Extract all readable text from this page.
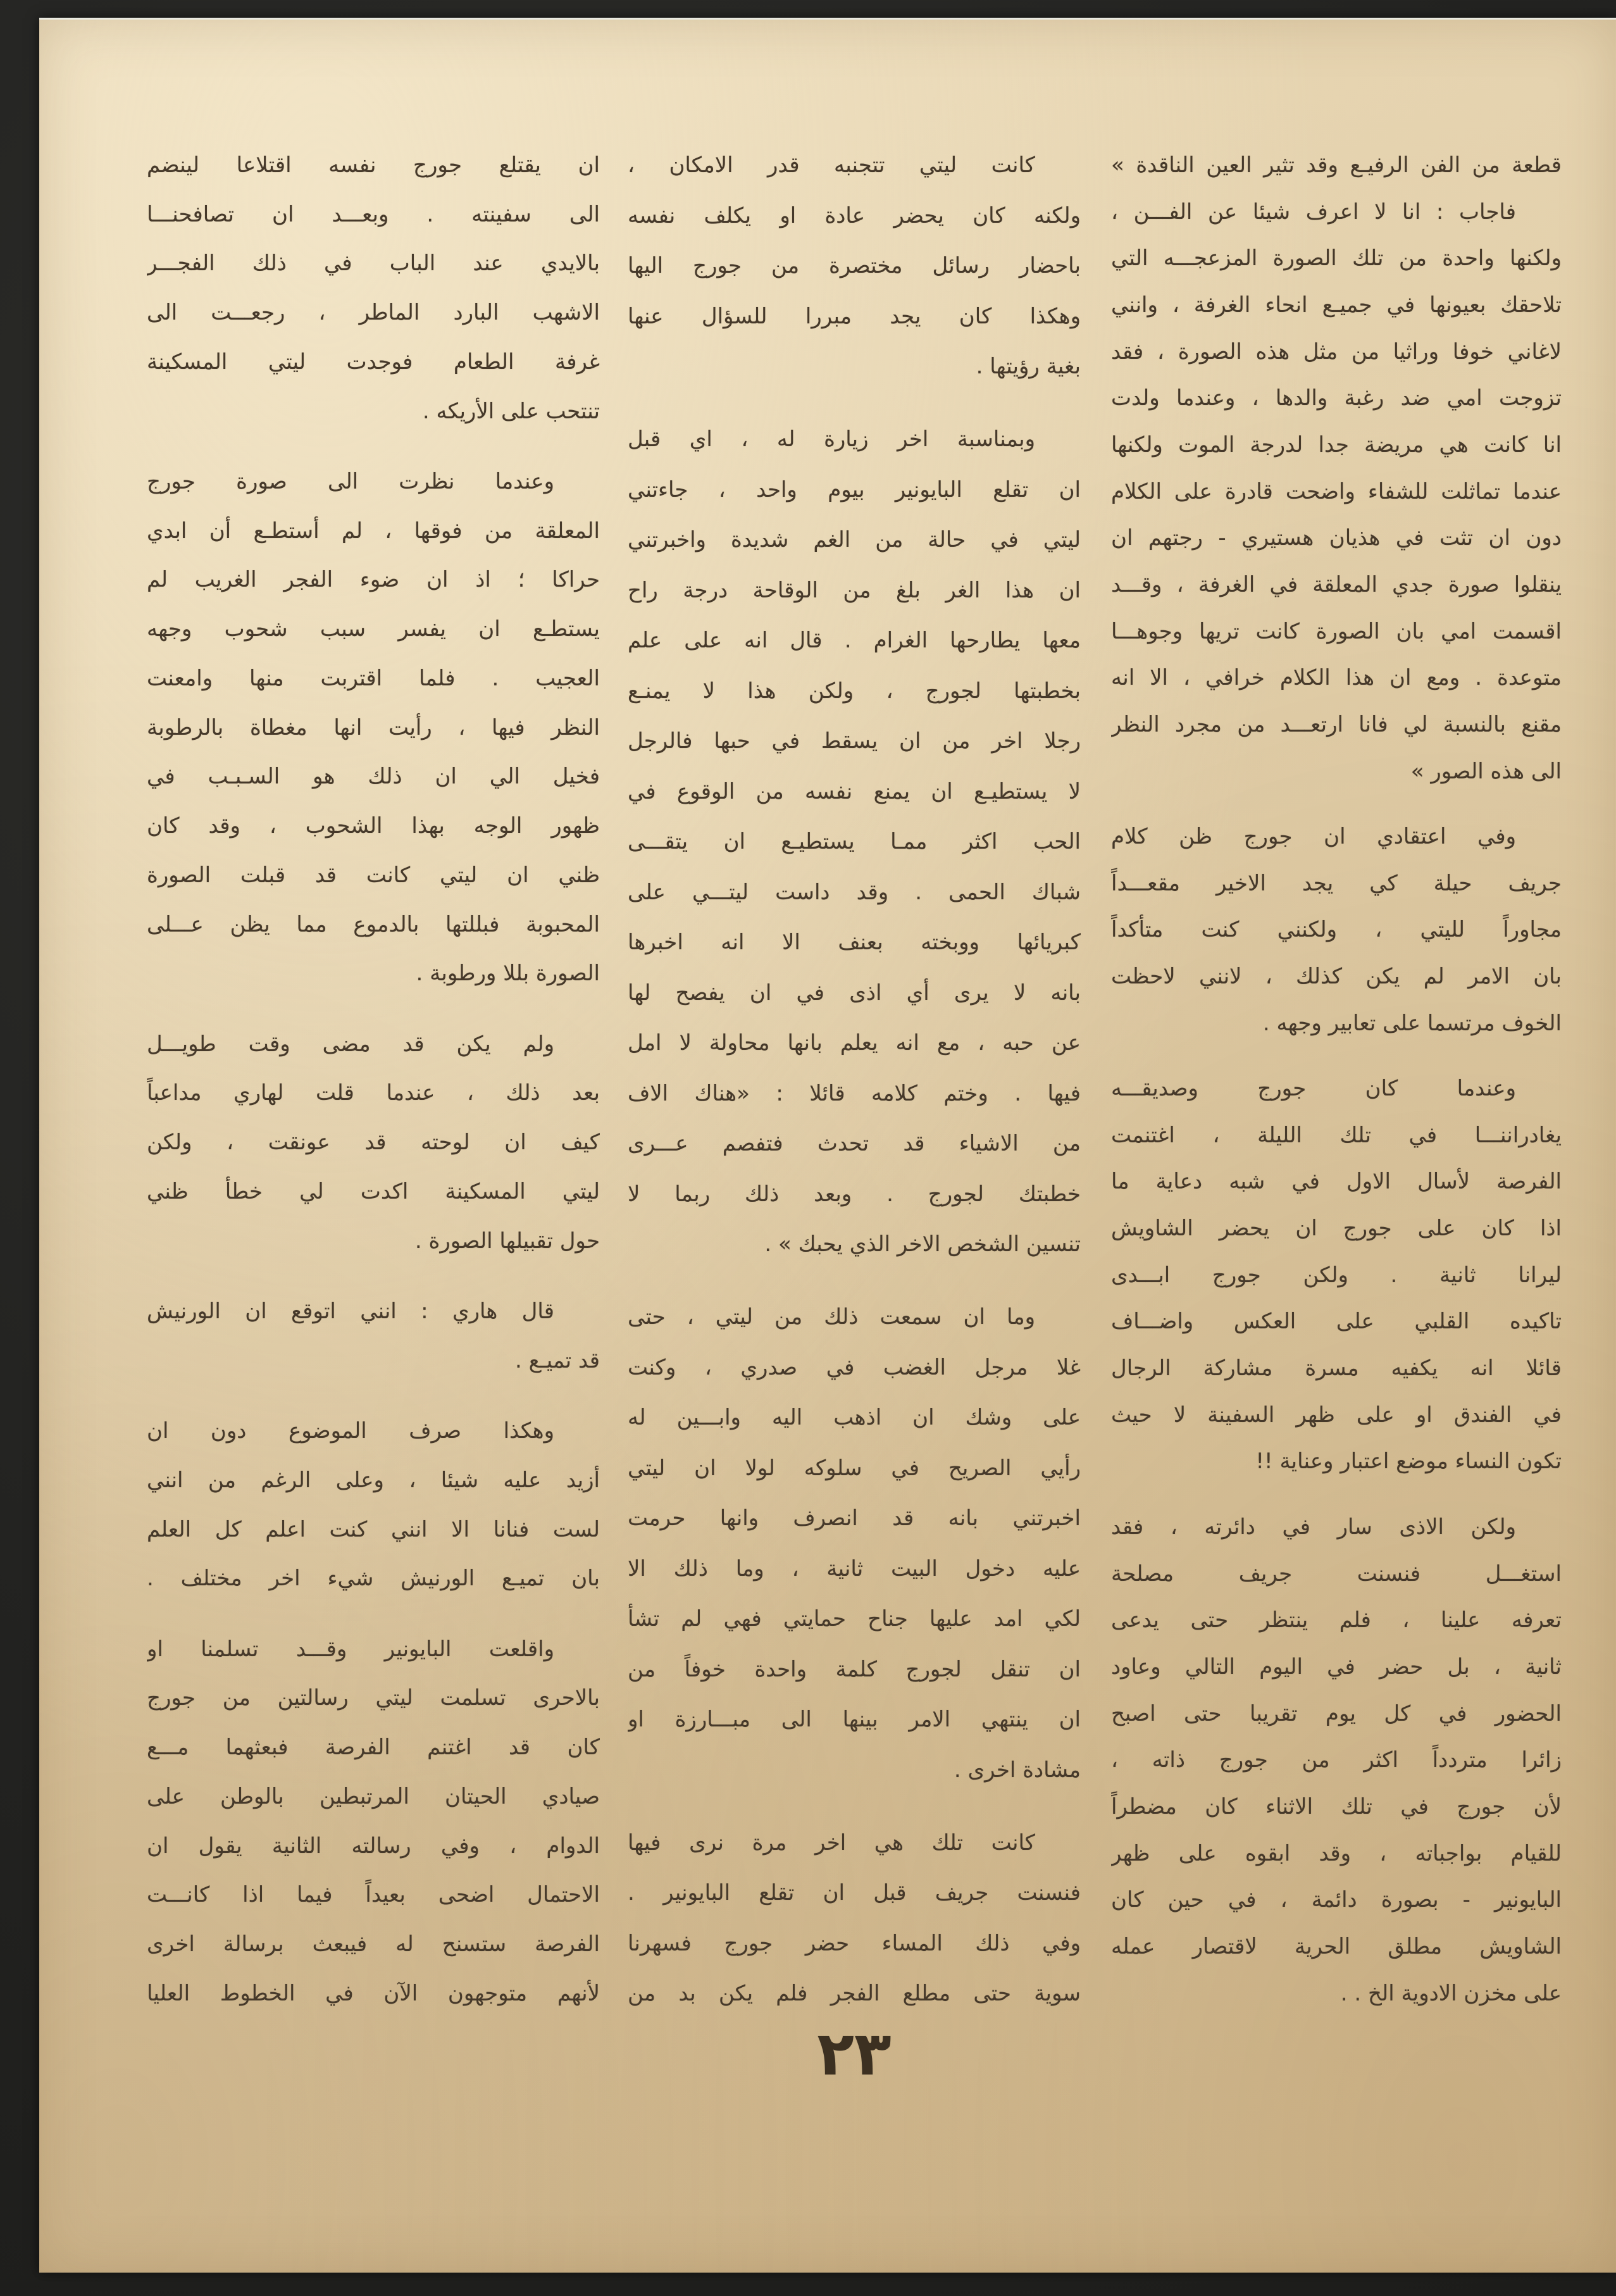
قطعة من الفن الرفيـع وقد تثير العين الناقدة »
فاجاب : انا لا اعرف شيئا عن الفـــن ،
ولكنها واحدة من تلك الصورة المزعجـــه التي
تلاحقك بعيونها في جميـع انحاء الغرفة ، وانني
لاغاني خوفا وراثيا من مثل هذه الصورة ، فقد
تزوجت امي ضد رغبة والدها ، وعندما ولدت
انا كانت هي مريضة جدا لدرجة الموت ولكنها
عندما تماثلت للشفاء واضحت قادرة على الكلام
دون ان تثت في هذيان هستيري - رجتهم ان
ينقلوا صورة جدي المعلقة في الغرفة ، وقـــد
اقسمت امي بان الصورة كانت تريها وجوهـــا
متوعدة . ومع ان هذا الكلام خرافي ، الا انه
مقنع بالنسبة لي فانا ارتعـــد من مجرد النظر
الى هذه الصور »
وفي اعتقادي ان جورج ظن كلام
جريف حيلة كي يجد الاخير مقعـــداً
مجاوراً لليتي ، ولكنني كنت متأكداً
بان الامر لم يكن كذلك ، لانني لاحظت
الخوف مرتسما على تعابير وجهه .
وعندما كان جورج وصديقـــه
يغادراننـــا في تلك الليلة ، اغتنمت
الفرصة لأسال الاول في شبه دعاية ما
اذا كان على جورج ان يحضر الشاويش
ليرانا ثانية . ولكن جورج ابـــدى
تاكيده القلبي على العكس واضـــاف
قائلا انه يكفيه مسرة مشاركة الرجال
في الفندق او على ظهر السفينة لا حيث
تكون النساء موضع اعتبار وعناية !!
ولكن الاذى سار في دائرته ، فقد
استغـــل فنسنت جريف مصلحة
تعرفه علينا ، فلم ينتظر حتى يدعى
ثانية ، بل حضر في اليوم التالي وعاود
الحضور في كل يوم تقريبا حتى اصبح
زائرا متردداً اكثر من جورج ذاته ،
لأن جورج في تلك الاثناء كان مضطراً
للقيام بواجباته ، وقد ابقوه على ظهر
البايونير - بصورة دائمة ، في حين كان
الشاويش مطلق الحرية لاقتصار عمله
على مخزن الادوية الخ . .
كانت ليتي تتجنبه قدر الامكان ،
ولكنه كان يحضر عادة او يكلف نفسه
باحضار رسائل مختصرة من جورج اليها
وهكذا كان يجد مبررا للسؤال عنها
بغية رؤيتها .
وبمناسبة اخر زيارة له ، اي قبل
ان تقلع البايونير بيوم واحد ، جاءتني
ليتي في حالة من الغم شديدة واخبرتني
ان هذا الغر بلغ من الوقاحة درجة راح
معها يطارحها الغرام . قال انه على علم
بخطبتها لجورج ، ولكن هذا لا يمنـع
رجلا اخر من ان يسقط في حبها فالرجل
لا يستطيـع ان يمنع نفسه من الوقوع في
الحب اكثر ممـا يستطيـع ان يتقـــى
شباك الحمى . وقد داست ليتـــي على
كبريائها ووبخته بعنف الا انه اخبرها
بانه لا يرى أي اذى في ان يفصح لها
عن حبه ، مع انه يعلم بانها محاولة لا امل
فيها . وختم كلامه قائلا : «هناك الاف
من الاشياء قد تحدث فتفصم عـــرى
خطبتك لجورج . وبعد ذلك ربما لا
تنسين الشخص الاخر الذي يحبك » .
وما ان سمعت ذلك من ليتي ، حتى
غلا مرجل الغضب في صدري ، وكنت
على وشك ان اذهب اليه وابـــين له
رأيي الصريح في سلوكه لولا ان ليتي
اخبرتني بانه قد انصرف وانها حرمت
عليه دخول البيت ثانية ، وما ذلك الا
لكي امد عليها جناح حمايتي فهي لم تشأ
ان تنقل لجورج كلمة واحدة خوفاً من
ان ينتهي الامر بينها الى مبـــارزة او
مشادة اخرى .
كانت تلك هي اخر مرة نرى فيها
فنسنت جريف قبل ان تقلع البايونير .
وفي ذلك المساء حضر جورج فسهرنا
سوية حتى مطلع الفجر فلم يكن بد من
ان يقتلع جورج نفسه اقتلاعا لينضم
الى سفينته . وبعـــد ان تصافحنـــا
بالايدي عند الباب في ذلك الفجـــر
الاشهب البارد الماطر ، رجعـــت الى
غرفة الطعام فوجدت ليتي المسكينة
تنتحب على الأريكه .
وعندما نظرت الى صورة جورج
المعلقة من فوقها ، لم أستطـع أن ابدي
حراكا ؛ اذ ان ضوء الفجر الغريب لم
يستطـع ان يفسر سبب شحوب وجهه
العجيب . فلما اقتربت منها وامعنت
النظر فيها ، رأيت انها مغطاة بالرطوبة
فخيل الي ان ذلك هو السـبـب في
ظهور الوجه بهذا الشحوب ، وقد كان
ظني ان ليتي كانت قد قبلت الصورة
المحبوبة فبللتها بالدموع مما يظن عـــلى
الصورة بللا ورطوبة .
ولم يكن قد مضى وقت طويـــل
بعد ذلك ، عندما قلت لهاري مداعباً
كيف ان لوحته قد عونقت ، ولكن
ليتي المسكينة اكدت لي خطأ ظني
حول تقبيلها الصورة .
قال هاري : انني اتوقع ان الورنيش
قد تميـع .
وهكذا صرف الموضوع دون ان
أزيد عليه شيئا ، وعلى الرغم من انني
لست فنانا الا انني كنت اعلم كل العلم
بان تميـع الورنيش شيء اخر مختلف .
واقلعت البايونير وقـــد تسلمنا او
بالاحرى تسلمت ليتي رسالتين من جورج
كان قد اغتنم الفرصة فبعثهما مـــع
صيادي الحيتان المرتبطين بالوطن على
الدوام ، وفي رسالته الثانية يقول ان
الاحتمال اضحى بعيداً فيما اذا كانـــت
الفرصة ستسنح له فيبعث برسالة اخرى
لأنهم متوجهون الآن في الخطوط العليا
٢٣
